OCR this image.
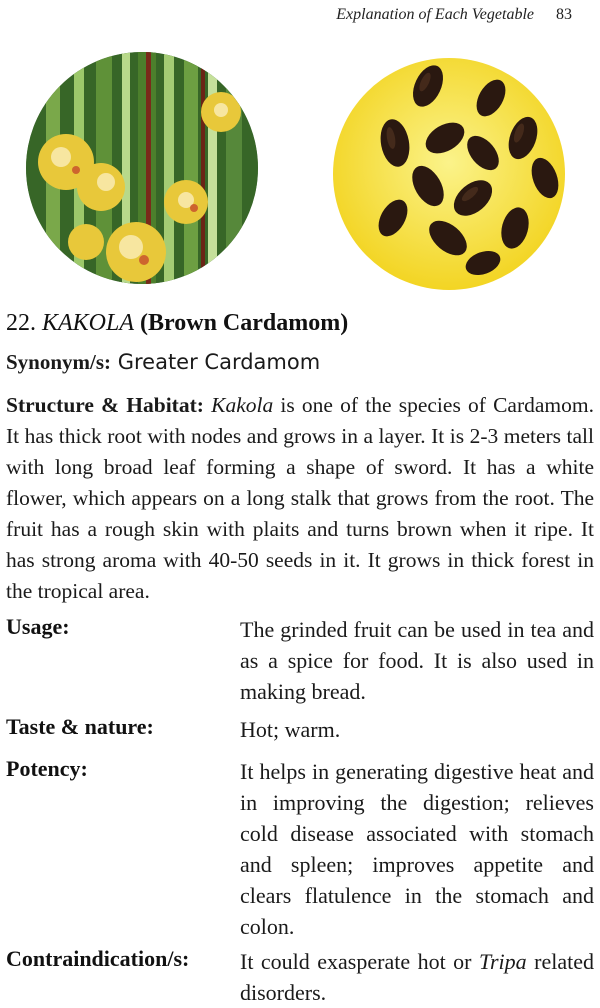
Explanation of Each Vegetable 83
22. KAKOLA (Brown Cardamom)
Synonym/s: Greater Cardamom
Structure & Habitat: Kakola is one of the species of Cardamom. It has thick root with nodes and grows in a layer. It is 2-3 meters tall with long broad leaf forming a shape of sword. It has a white flower, which appears on a long stalk that grows from the root. The fruit has a rough skin with plaits and turns brown when it ripe. It has strong aroma with 40-50 seeds in it. It grows in thick forest in the tropical area.
Usage:	The grinded fruit can be used in tea and as a spice for food. It is also used in making bread.
Taste & nature:	Hot; warm.
Potency:	It helps in generating digestive heat and in improving the digestion; relieves cold disease associated with stomach and spleen; improves appetite and clears flatulence in the stomach and colon.
Contraindication/s: It could exasperate hot or Tripa related disorders.
